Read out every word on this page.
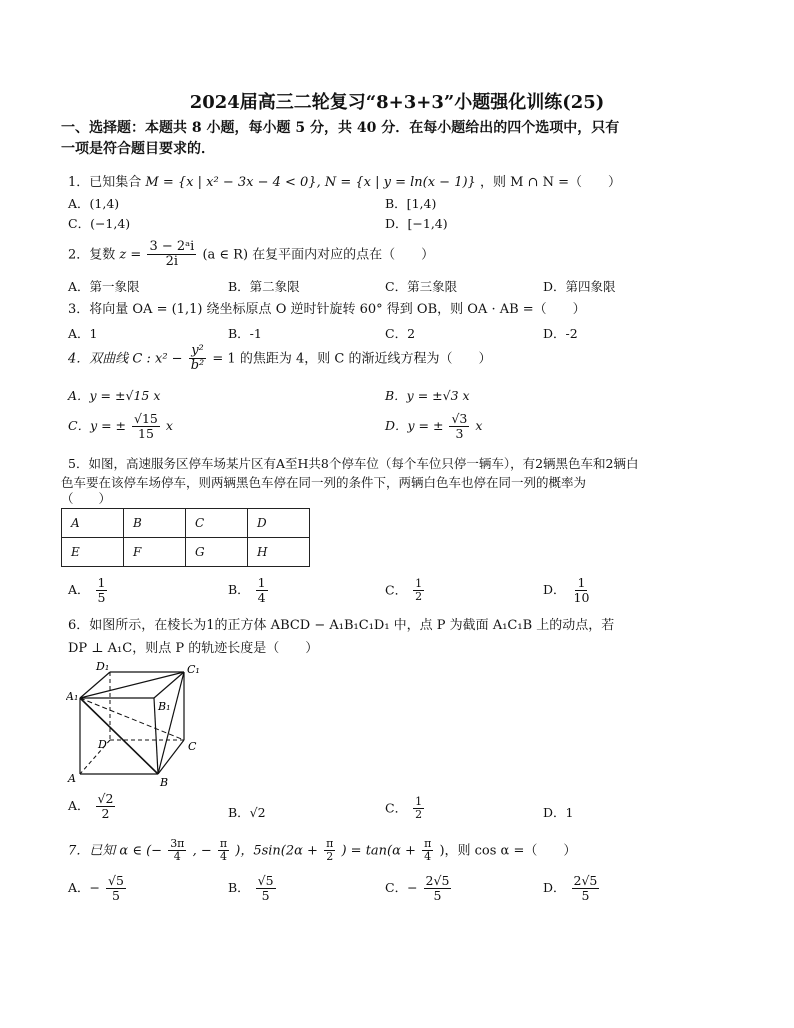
2024届高三二轮复习“8+3+3”小题强化训练(25)
一、选择题：本题共 8 小题，每小题 5 分，共 40 分．在每小题给出的四个选项中，只有
一项是符合题目要求的．
1．已知集合 M = {x | x² − 3x − 4 < 0}, N = {x | y = ln(x − 1)} ，则 M ∩ N =（　　）
A．(1,4)	B．[1,4)
C．(−1,4)	D．[−1,4)
2．复数 $z = \frac{\text{3 − 2ᵃi}}{2i} (a$ ∈ R) 在复平面内对应的点在（　　）
A．第一象限	B．第二象限	C．第三象限	D．第四象限
3．将向量 OA = (1,1) 绕坐标原点 O 逆时针旋转 60° 得到 OB，则 OA · AB =（　　）
A．1	B．-1	C．2	D．-2
4．双曲线 C : $x^2 - \frac{\text{y²}}{\text{b²}} = 1$ 的焦距为 4，则 C 的渐近线方程为（　　）
A．y = ±√15 x	B．y = ±√3 x
C．y = ± $\frac{√15}{15}$ x	D．y = ± $\frac{√3}{3}$ x
5．如图，高速服务区停车场某片区有A至H共8个停车位（每个车位只停一辆车），有2辆黑色车和2辆白
色车要在该停车场停车，则两辆黑色车停在同一列的条件下，两辆白色车也停在同一列的概率为
（　　）
A	B	C	D
E	F	G	H
A． $\frac{1}{5}$	B． $\frac{1}{4}$	C． $\frac{1}{2}$	D． $\frac{1}{10}$
6．如图所示，在棱长为1的正方体 ABCD − A₁B₁C₁D₁ 中，点 P 为截面 A₁C₁B 上的动点，若
DP ⊥ A₁C，则点 P 的轨迹长度是（　　）
D₁	C₁
A₁
B₁
D	C
A	B
A． $\frac{√2}{2}$	B．√2	C． $\frac{1}{2}$	D．1
7．已知 α ∈ (− $\frac{3\pi}{4}$ , − $\frac{\pi}{4}$ )，$5\sin(2\alpha + \frac{\pi}{2}$ ) = $\tan(\alpha + \frac{\pi}{4}$ )，则 cos α =（　　）
A．− $\frac{√5}{5}$	B． $\frac{√5}{5}$	C．− $\frac{2√5}{5}$	D． $\frac{2√5}{5}$
